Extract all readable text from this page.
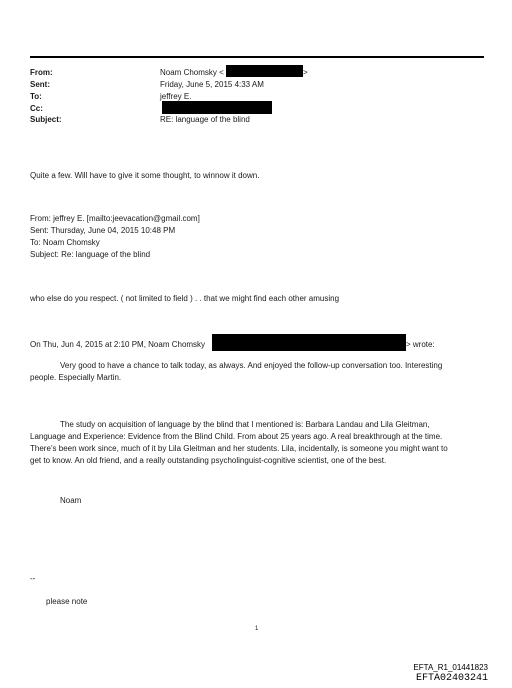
From:
Sent:
To:
Cc:
Subject:
Noam Chomsky <	>
Friday, June 5, 2015 4:33 AM
jeffrey E.
RE: language of the blind
Quite a few. Will have to give it some thought, to winnow it down.
From: jeffrey E. [mailto:jeevacation@gmail.com]
Sent: Thursday, June 04, 2015 10:48 PM
To: Noam Chomsky
Subject: Re: language of the blind
who else do you respect. ( not limited to field ) . . that we might find each other amusing
On Thu, Jun 4, 2015 at 2:10 PM, Noam Chomsky	> wrote:
Very good to have a chance to talk today, as always. And enjoyed the follow-up conversation too. Interesting
people. Especially Martin.
The study on acquisition of language by the blind that I mentioned is: Barbara Landau and Lila Gleitman,
Language and Experience: Evidence from the Blind Child. From about 25 years ago. A real breakthrough at the time.
There’s been work since, much of it by Lila Gleitman and her students. Lila, incidentally, is someone you might want to
get to know. An old friend, and a really outstanding psycholinguist-cognitive scientist, one of the best.
Noam
--
please note
1
EFTA_R1_01441823
EFTA02403241
